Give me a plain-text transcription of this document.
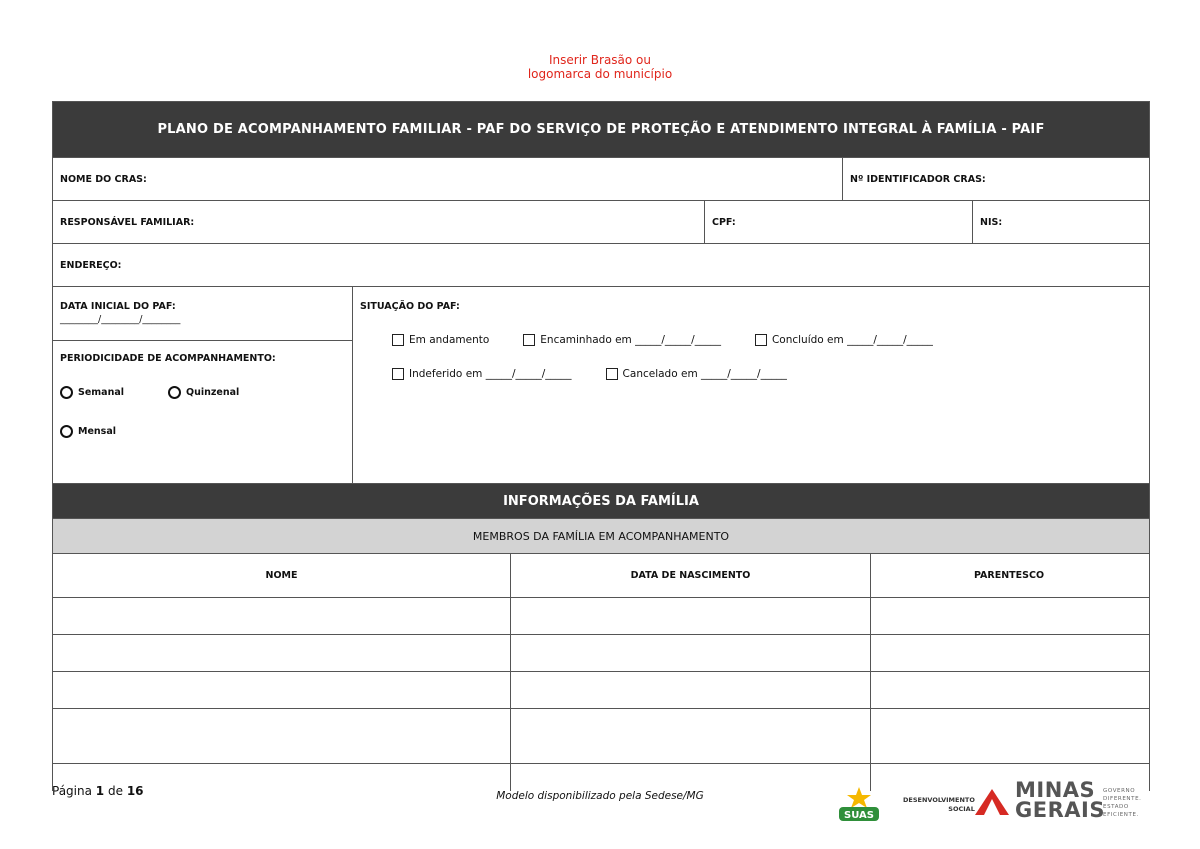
Inserir Brasão ou
logomarca do município
PLANO DE ACOMPANHAMENTO FAMILIAR - PAF DO SERVIÇO DE PROTEÇÃO E ATENDIMENTO INTEGRAL À FAMÍLIA - PAIF
NOME DO CRAS:	Nº IDENTIFICADOR CRAS:
RESPONSÁVEL FAMILIAR:	CPF:	NIS:
ENDEREÇO:
DATA INICIAL DO PAF:
________/________/________
PERIODICIDADE DE ACOMPANHAMENTO:
Semanal	Quinzenal
Mensal
SITUAÇÃO DO PAF:
Em andamento	Encaminhado em _____/_____/_____	Concluído em _____/_____/_____
Indeferido em _____/_____/_____	Cancelado em _____/_____/_____
INFORMAÇÕES DA FAMÍLIA
MEMBROS DA FAMÍLIA EM ACOMPANHAMENTO
NOME	DATA DE NASCIMENTO	PARENTESCO
Página 1 de 16	Modelo disponibilizado pela Sedese/MG
SUAS
DESENVOLVIMENTO
SOCIAL
MINAS
GERAIS
GOVERNO
DIFERENTE.
ESTADO
EFICIENTE.
